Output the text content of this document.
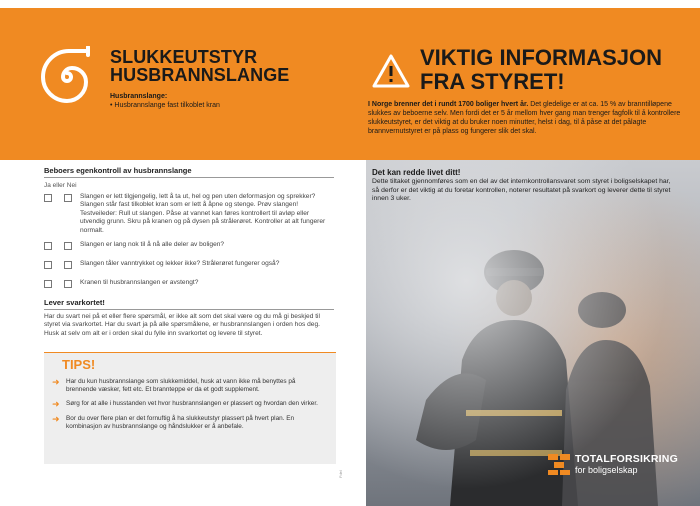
SLUKKEUTSTYR
HUSBRANNSLANGE
Husbrannslange:
• Husbrannslange fast tilkoblet kran
VIKTIG INFORMASJON
FRA STYRET!
I Norge brenner det i rundt 1700 boliger hvert år. Det gledelige er at ca. 15 % av branntilløpene slukkes av beboerne selv. Men fordi det er 5 år mellom hver gang man trenger fagfolk til å kontrollere slukkeutstyret, er det viktig at du bruker noen minutter, helst i dag, til å påse at det pålagte brannvernutstyret er på plass og fungerer slik det skal.
Beboers egenkontroll av husbrannslange
Ja eller Nei
Slangen er lett tilgjengelig, lett å ta ut, hel og pen uten deformasjon og sprekker? Slangen står fast tilkoblet kran som er lett å åpne og stenge. Prøv slangen! Testveileder: Rull ut slangen. Påse at vannet kan føres kontrollert til avløp eller utvendig grunn. Skru på kranen og på dysen på strålerøret. Kontroller at alt fungerer normalt.
Slangen er lang nok til å nå alle deler av boligen?
Slangen tåler vanntrykket og lekker ikke? Strålerøret fungerer også?
Kranen til husbrannslangen er avstengt?
Lever svarkortet!
Har du svart nei på et eller flere spørsmål, er ikke alt som det skal være og du må gi beskjed til styret via svarkortet. Har du svart ja på alle spørsmålene, er husbrannslangen i orden hos deg. Husk at selv om alt er i orden skal du fylle inn svarkortet og levere til styret.
TIPS!
➜	Har du kun husbrannslange som slukkemiddel, husk at vann ikke må benyttes på brennende væsker, fett etc. Et brannteppe er da et godt supplement.
➜	Sørg for at alle i husstanden vet hvor husbrannslangen er plassert og hvordan den virker.
➜	Bor du over flere plan er det fornuftig å ha slukkeutstyr plassert på hvert plan. En kombinasjon av husbrannslange og håndslukker er å anbefale.
Fdel
Det kan redde livet ditt!
Dette tiltaket gjennomføres som en del av det internkontrollansvaret som styret i boligselskapet har, så derfor er det viktig at du foretar kontrollen, noterer resultatet på svarkort og leverer dette til styret innen 3 uker.
TOTALFORSIKRING
for boligselskap
